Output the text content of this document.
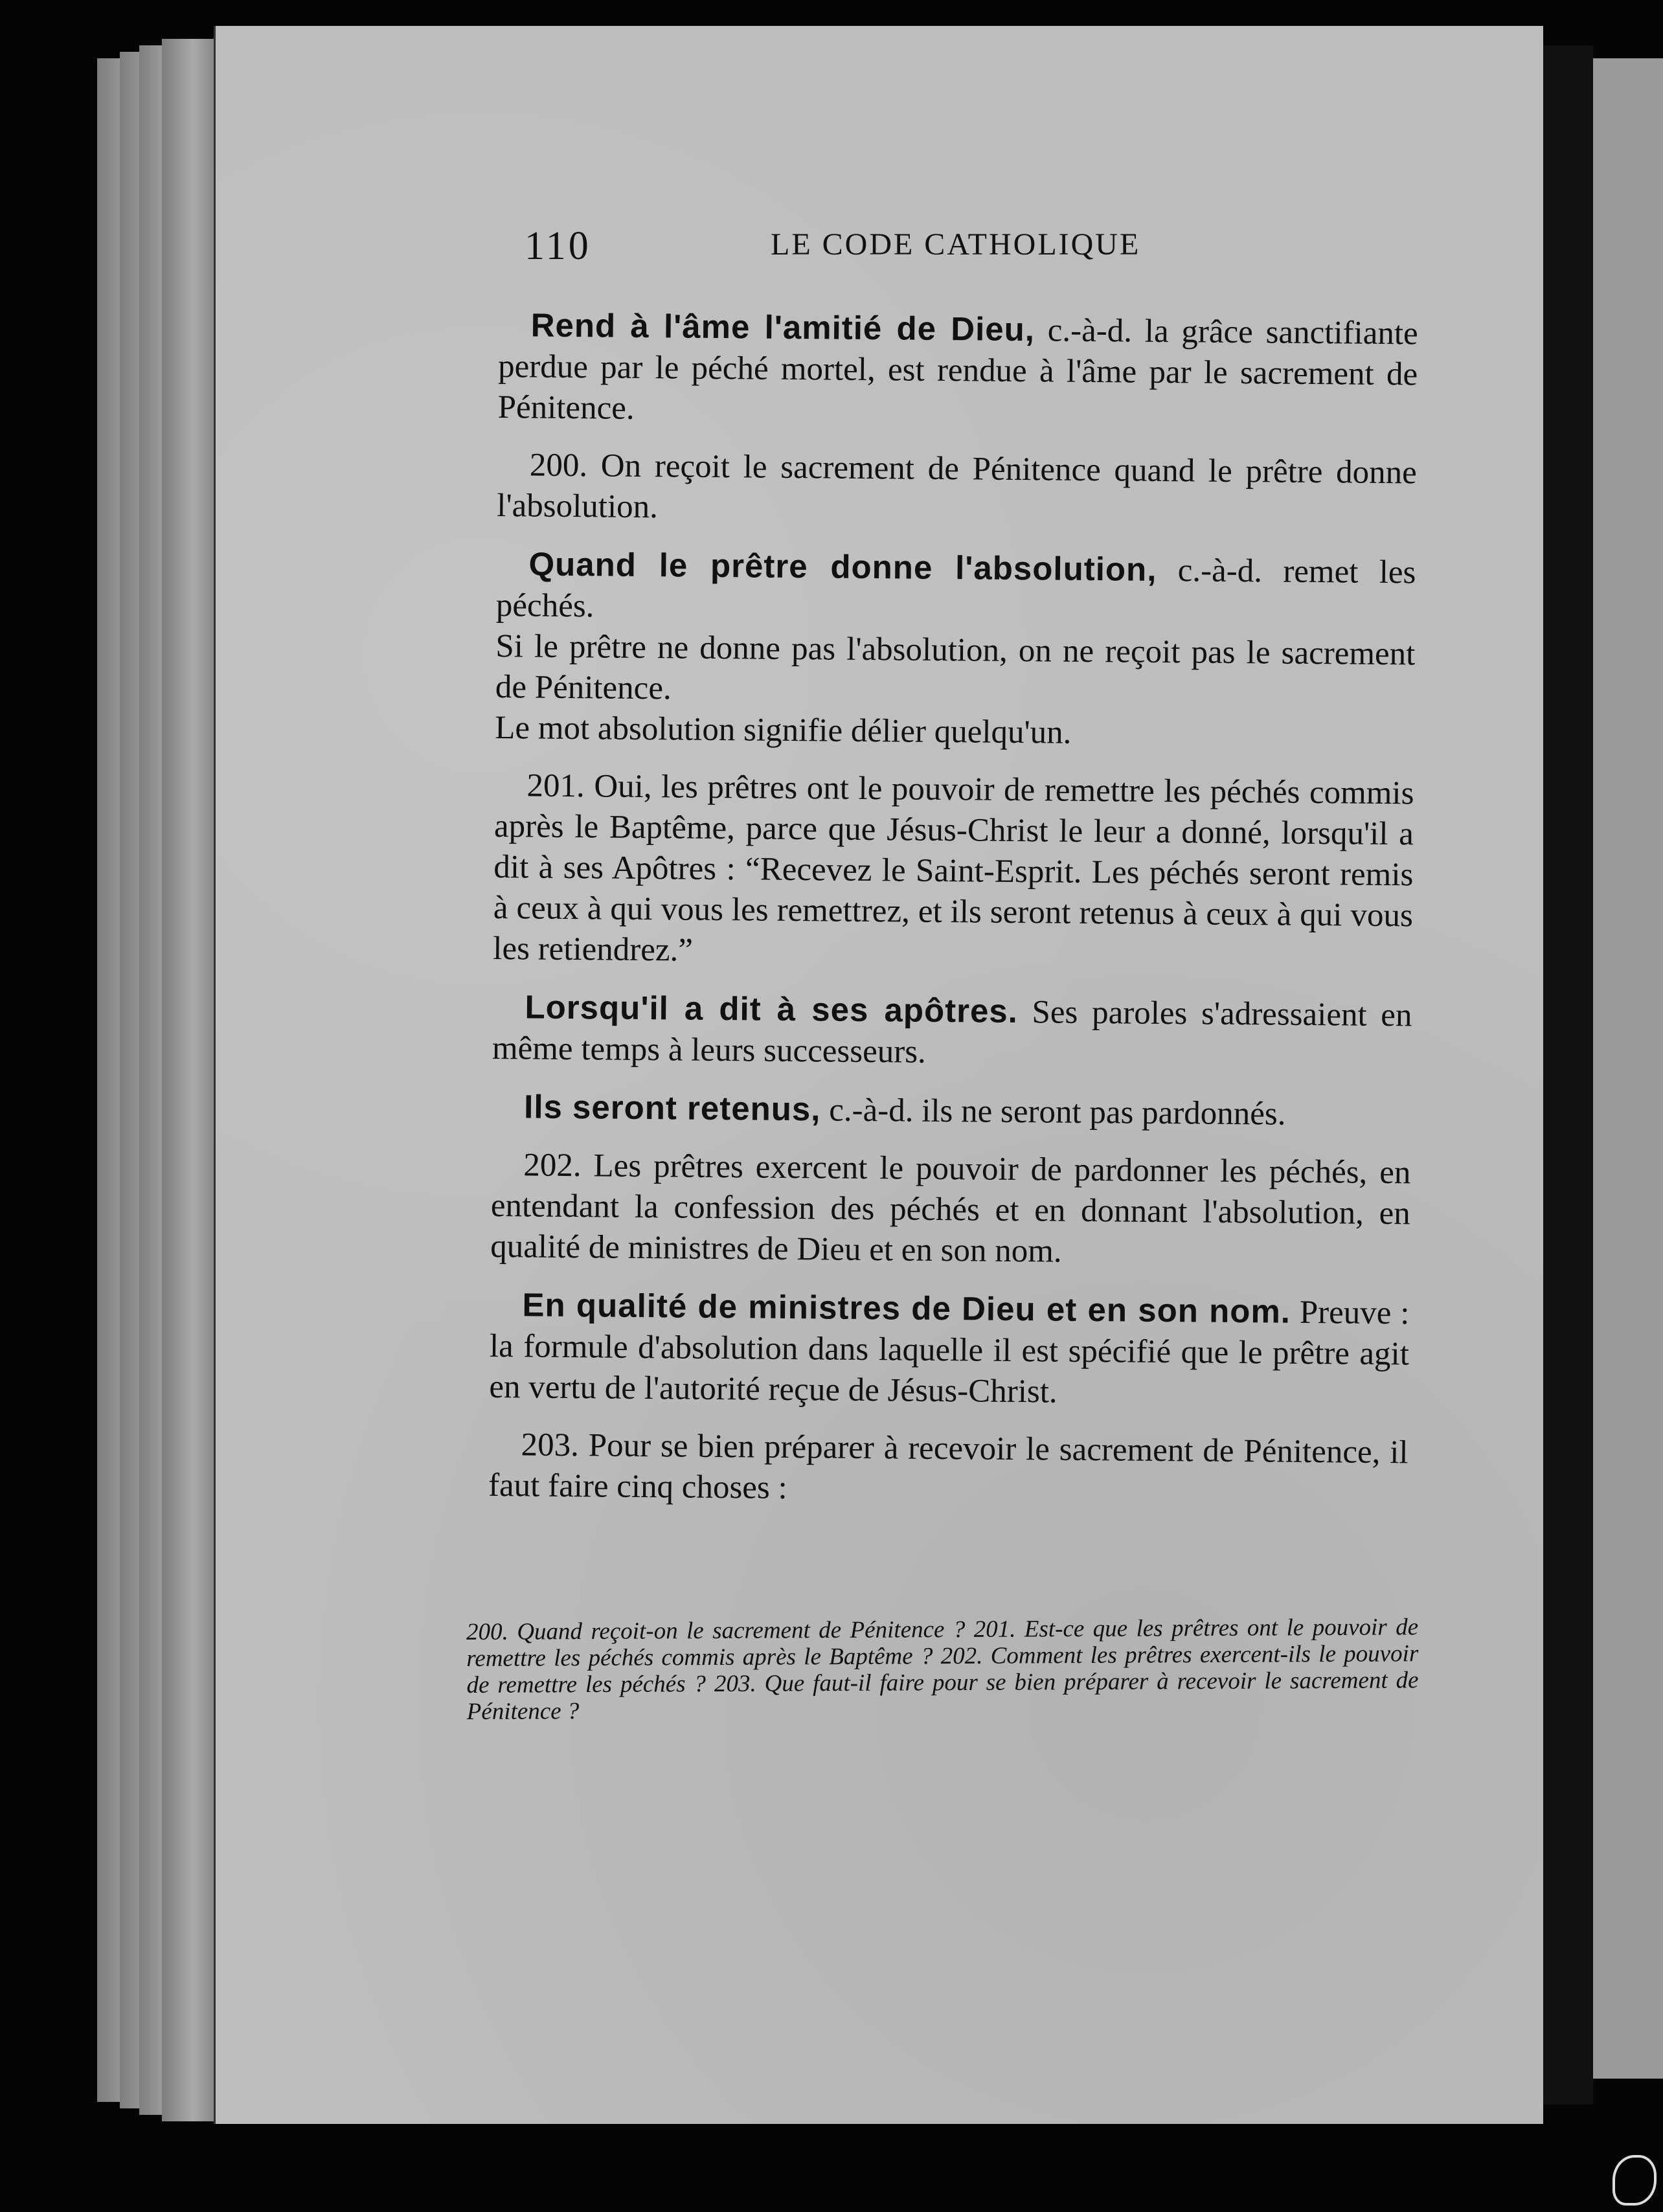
110	LE CODE CATHOLIQUE

Rend à l'âme l'amitié de Dieu, c.-à-d. la grâce sanctifiante perdue par le péché mortel, est rendue à l'âme par le sacrement de Pénitence.

200. On reçoit le sacrement de Pénitence quand le prêtre donne l'absolution.

Quand le prêtre donne l'absolution, c.-à-d. remet les péchés.

Si le prêtre ne donne pas l'absolution, on ne reçoit pas le sacrement de Pénitence.

Le mot absolution signifie délier quelqu'un.

201. Oui, les prêtres ont le pouvoir de remettre les péchés commis après le Baptême, parce que Jésus-Christ le leur a donné, lorsqu'il a dit à ses Apôtres : “Recevez le Saint-Esprit. Les péchés seront remis à ceux à qui vous les remettrez, et ils seront retenus à ceux à qui vous les retiendrez.”

Lorsqu'il a dit à ses apôtres. Ses paroles s'adressaient en même temps à leurs successeurs.

Ils seront retenus, c.-à-d. ils ne seront pas pardonnés.

202. Les prêtres exercent le pouvoir de pardonner les péchés, en entendant la confession des péchés et en donnant l'absolution, en qualité de ministres de Dieu et en son nom.

En qualité de ministres de Dieu et en son nom. Preuve : la formule d'absolution dans laquelle il est spécifié que le prêtre agit en vertu de l'autorité reçue de Jésus-Christ.

203. Pour se bien préparer à recevoir le sacrement de Pénitence, il faut faire cinq choses :

200. Quand reçoit-on le sacrement de Pénitence ? 201. Est-ce que les prêtres ont le pouvoir de remettre les péchés commis après le Baptême ? 202. Comment les prêtres exercent-ils le pouvoir de remettre les péchés ? 203. Que faut-il faire pour se bien préparer à recevoir le sacrement de Pénitence ?
